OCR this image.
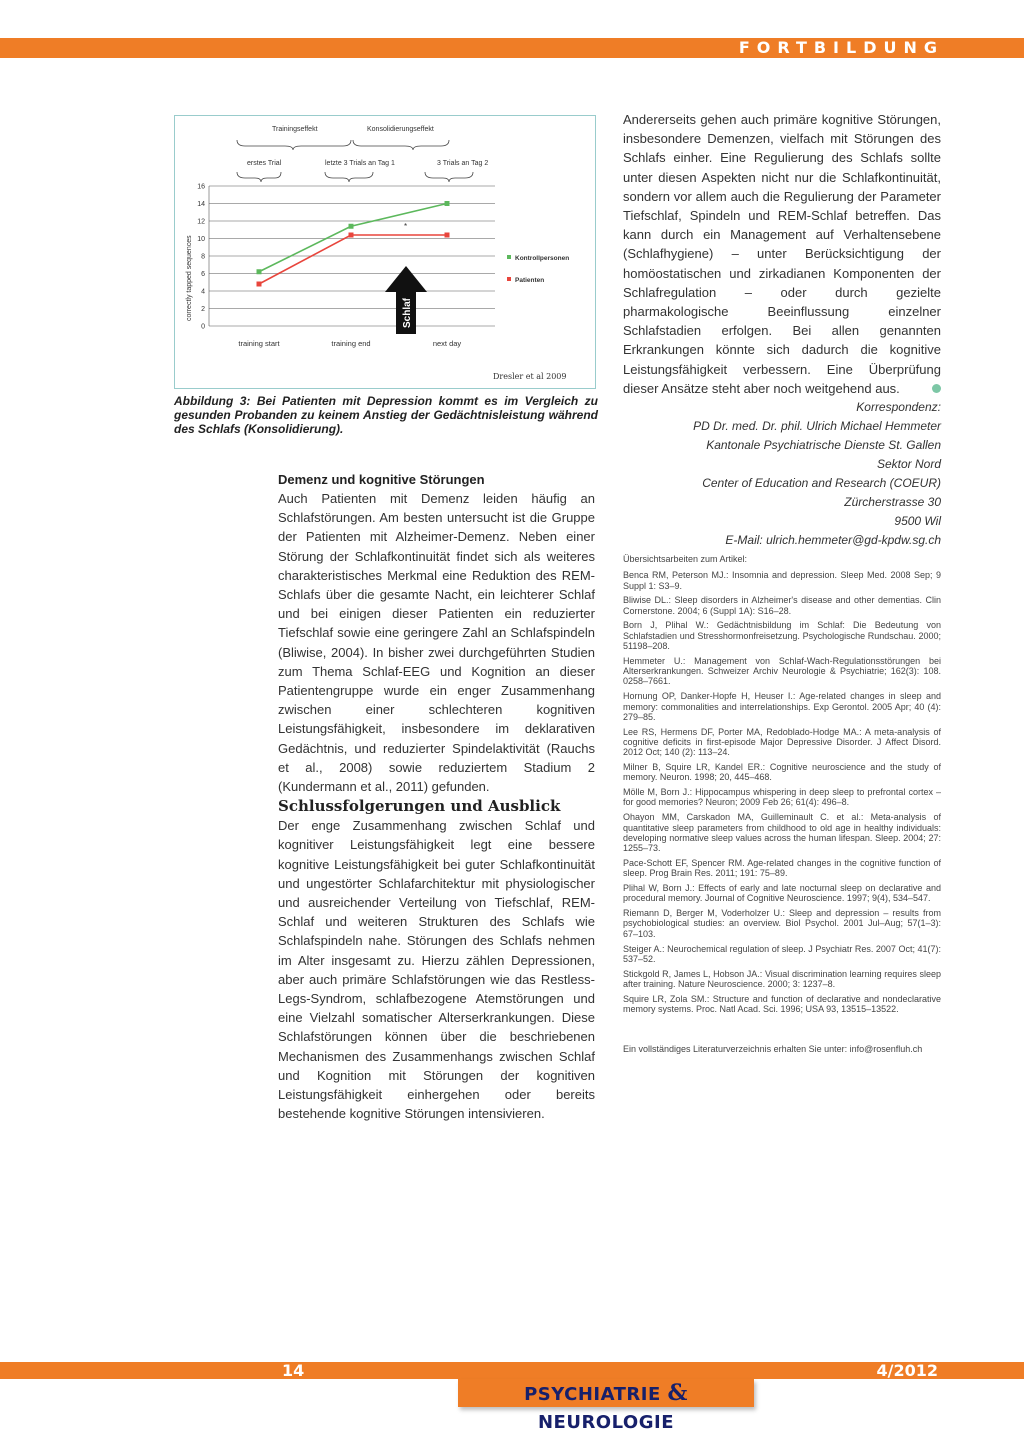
FORTBILDUNG
Trainingseffekt	Konsolidierungseffekt
erstes Trial	letzte 3 Trials an Tag 1	3 Trials an Tag 2
correctly tapped sequences
0
2
4
6
8
10
12
14
16
training start	training end	next day
Schlaf
*
Kontrollpersonen
Patienten
Dresler et al 2009
Abbildung 3: Bei Patienten mit Depression kommt es im Vergleich zu gesunden Probanden zu keinem Anstieg der Gedächtnisleistung während des Schlafs (Konsolidierung).

Demenz und kognitive Störungen

Auch Patienten mit Demenz leiden häufig an Schlafstörungen. Am besten untersucht ist die Gruppe der Patienten mit Alzheimer-Demenz. Neben einer Störung der Schlafkontinuität findet sich als weiteres charakteristisches Merkmal eine Reduktion des REM-Schlafs über die gesamte Nacht, ein leichterer Schlaf und bei einigen dieser Patienten ein reduzierter Tiefschlaf sowie eine geringere Zahl an Schlafspindeln (Bliwise, 2004). In bisher zwei durchgeführten Studien zum Thema Schlaf-EEG und Kognition an dieser Patientengruppe wurde ein enger Zusammenhang zwischen einer schlechteren kognitiven Leistungsfähigkeit, insbesondere im deklarativen Gedächtnis, und reduzierter Spindelaktivität (Rauchs et al., 2008) sowie reduziertem Stadium 2 (Kundermann et al., 2011) gefunden.

Schlussfolgerungen und Ausblick

Der enge Zusammenhang zwischen Schlaf und kognitiver Leistungsfähigkeit legt eine bessere kognitive Leistungsfähigkeit bei guter Schlafkontinuität und ungestörter Schlafarchitektur mit physiologischer und ausreichender Verteilung von Tiefschlaf, REM-Schlaf und weiteren Strukturen des Schlafs wie Schlafspindeln nahe. Störungen des Schlafs nehmen im Alter insgesamt zu. Hierzu zählen Depressionen, aber auch primäre Schlafstörungen wie das Restless-Legs-Syndrom, schlafbezogene Atemstörungen und eine Vielzahl somatischer Alterserkrankungen. Diese Schlafstörungen können über die beschriebenen Mechanismen des Zusammenhangs zwischen Schlaf und Kognition mit Störungen der kognitiven Leistungsfähigkeit einhergehen oder bereits bestehende kognitive Störungen intensivieren.

Andererseits gehen auch primäre kognitive Störungen, insbesondere Demenzen, vielfach mit Störungen des Schlafs einher. Eine Regulierung des Schlafs sollte unter diesen Aspekten nicht nur die Schlafkontinuität, sondern vor allem auch die Regulierung der Parameter Tiefschlaf, Spindeln und REM-Schlaf betreffen. Das kann durch ein Management auf Verhaltensebene (Schlafhygiene) – unter Berücksichtigung der homöostatischen und zirkadianen Komponenten der Schlafregulation – oder durch gezielte pharmakologische Beeinflussung einzelner Schlafstadien erfolgen. Bei allen genannten Erkrankungen könnte sich dadurch die kognitive Leistungsfähigkeit verbessern. Eine Überprüfung dieser Ansätze steht aber noch weitgehend aus.

Korrespondenz:
PD Dr. med. Dr. phil. Ulrich Michael Hemmeter
Kantonale Psychiatrische Dienste St. Gallen
Sektor Nord
Center of Education and Research (COEUR)
Zürcherstrasse 30
9500 Wil
E-Mail: ulrich.hemmeter@gd-kpdw.sg.ch

Übersichtsarbeiten zum Artikel:

Benca RM, Peterson MJ.: Insomnia and depression. Sleep Med. 2008 Sep; 9 Suppl 1: S3–9.

Bliwise DL.: Sleep disorders in Alzheimer's disease and other dementias. Clin Cornerstone. 2004; 6 (Suppl 1A): S16–28.

Born J, Plihal W.: Gedächtnisbildung im Schlaf: Die Bedeutung von Schlafstadien und Stresshormonfreisetzung. Psychologische Rundschau. 2000; 51198–208.

Hemmeter U.: Management von Schlaf-Wach-Regulationsstörungen bei Alterserkrankungen. Schweizer Archiv Neurologie & Psychiatrie; 162(3): 108. 0258–7661.

Hornung OP, Danker-Hopfe H, Heuser I.: Age-related changes in sleep and memory: commonalities and interrelationships. Exp Gerontol. 2005 Apr; 40 (4): 279–85.

Lee RS, Hermens DF, Porter MA, Redoblado-Hodge MA.: A meta-analysis of cognitive deficits in first-episode Major Depressive Disorder. J Affect Disord. 2012 Oct; 140 (2): 113–24.

Milner B, Squire LR, Kandel ER.: Cognitive neuroscience and the study of memory. Neuron. 1998; 20, 445–468.

Mölle M, Born J.: Hippocampus whispering in deep sleep to prefrontal cortex – for good memories? Neuron; 2009 Feb 26; 61(4): 496–8.

Ohayon MM, Carskadon MA, Guilleminault C. et al.: Meta-analysis of quantitative sleep parameters from childhood to old age in healthy individuals: developing normative sleep values across the human lifespan. Sleep. 2004; 27: 1255–73.

Pace-Schott EF, Spencer RM. Age-related changes in the cognitive function of sleep. Prog Brain Res. 2011; 191: 75–89.

Plihal W, Born J.: Effects of early and late nocturnal sleep on declarative and procedural memory. Journal of Cognitive Neuroscience. 1997; 9(4), 534–547.

Riemann D, Berger M, Voderholzer U.: Sleep and depression – results from psychobiological studies: an overview. Biol Psychol. 2001 Jul–Aug; 57(1–3): 67–103.

Steiger A.: Neurochemical regulation of sleep. J Psychiatr Res. 2007 Oct; 41(7): 537–52.

Stickgold R, James L, Hobson JA.: Visual discrimination learning requires sleep after training. Nature Neuroscience. 2000; 3: 1237–8.

Squire LR, Zola SM.: Structure and function of declarative and nondeclarative memory systems. Proc. Natl Acad. Sci. 1996; USA 93, 13515–13522.

Ein vollständiges Literaturverzeichnis erhalten Sie unter: info@rosenfluh.ch

14	4/2012
PSYCHIATRIE & NEUROLOGIE
